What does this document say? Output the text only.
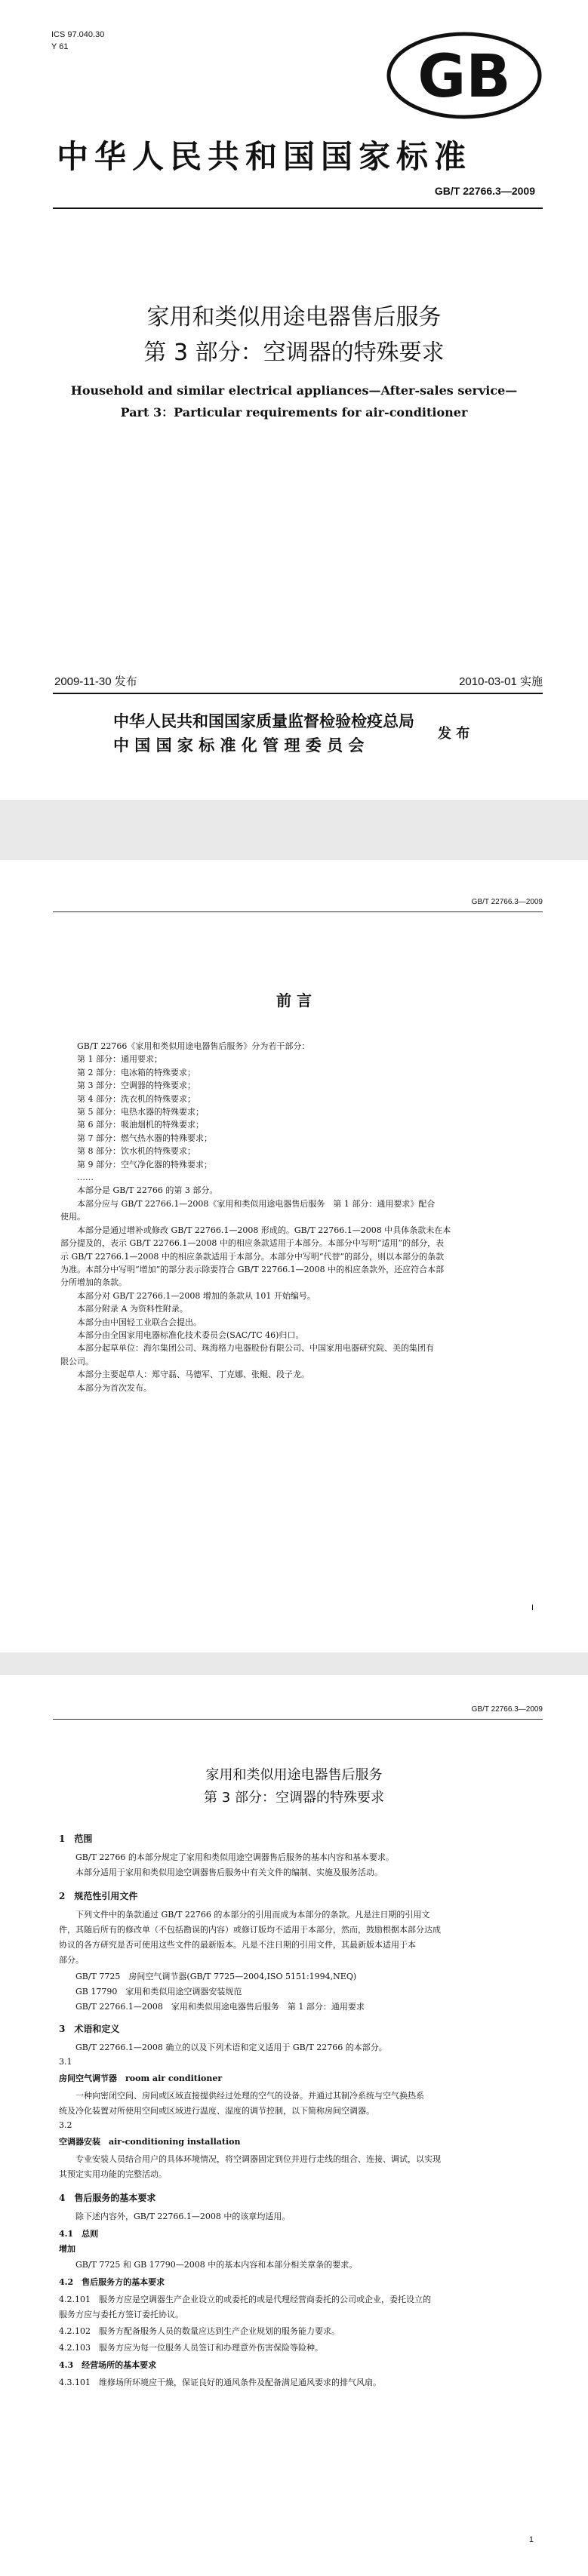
ICS 97.040.30
Y 61	GB
中华人民共和国国家标准
GB/T 22766.3—2009
家用和类似用途电器售后服务
第 3 部分：空调器的特殊要求
Household and similar electrical appliances—After-sales service—
Part 3：Particular requirements for air-conditioner
2009-11-30 发布	2010-03-01 实施
中华人民共和国国家质量监督检验检疫总局
中 国 国 家 标 准 化 管 理 委 员 会
发 布
GB/T 22766.3—2009
前 言

GB/T 22766《家用和类似用途电器售后服务》分为若干部分：

第 1 部分：通用要求；

第 2 部分：电冰箱的特殊要求；

第 3 部分：空调器的特殊要求；

第 4 部分：洗衣机的特殊要求；

第 5 部分：电热水器的特殊要求；

第 6 部分：吸油烟机的特殊要求；

第 7 部分：燃气热水器的特殊要求；

第 8 部分：饮水机的特殊要求；

第 9 部分：空气净化器的特殊要求；

……

本部分是 GB/T 22766 的第 3 部分。

本部分应与 GB/T 22766.1—2008《家用和类似用途电器售后服务　第 1 部分：通用要求》配合

使用。

本部分是通过增补或修改 GB/T 22766.1—2008 形成的。GB/T 22766.1—2008 中具体条款未在本

部分提及的，表示 GB/T 22766.1—2008 中的相应条款适用于本部分。本部分中写明“适用”的部分，表

示 GB/T 22766.1—2008 中的相应条款适用于本部分。本部分中写明“代替”的部分，则以本部分的条款

为准。本部分中写明“增加”的部分表示除要符合 GB/T 22766.1—2008 中的相应条款外，还应符合本部

分所增加的条款。

本部分对 GB/T 22766.1—2008 增加的条款从 101 开始编号。

本部分附录 A 为资料性附录。

本部分由中国轻工业联合会提出。

本部分由全国家用电器标准化技术委员会(SAC/TC 46)归口。

本部分起草单位：海尔集团公司、珠海格力电器股份有限公司、中国家用电器研究院、美的集团有

限公司。

本部分主要起草人：郑守磊、马德军、丁克娜、张鲲、段子龙。

本部分为首次发布。

I
GB/T 22766.3—2009
家用和类似用途电器售后服务
第 3 部分：空调器的特殊要求
1　范围
GB/T 22766 的本部分规定了家用和类似用途空调器售后服务的基本内容和基本要求。
本部分适用于家用和类似用途空调器售后服务中有关文件的编制、实施及服务活动。
2　规范性引用文件
下列文件中的条款通过 GB/T 22766 的本部分的引用而成为本部分的条款。凡是注日期的引用文
件，其随后所有的修改单（不包括勘误的内容）或修订版均不适用于本部分，然而，鼓励根据本部分达成
协议的各方研究是否可使用这些文件的最新版本。凡是不注日期的引用文件，其最新版本适用于本
部分。
GB/T 7725　房间空气调节器(GB/T 7725—2004,ISO 5151:1994,NEQ)
GB 17790　家用和类似用途空调器安装规范
GB/T 22766.1—2008　家用和类似用途电器售后服务　第 1 部分：通用要求
3　术语和定义
GB/T 22766.1—2008 确立的以及下列术语和定义适用于 GB/T 22766 的本部分。
3.1
房间空气调节器　room air conditioner
一种向密闭空间、房间或区域直接提供经过处理的空气的设备。并通过其制冷系统与空气换热系
统及冷化装置对所使用空间或区域进行温度、湿度的调节控制，以下简称房间空调器。
3.2
空调器安装　air-conditioning installation
专业安装人员结合用户的具体环境情况，将空调器固定到位并进行走线的组合、连接、调试，以实现
其预定实用功能的完整活动。
4　售后服务的基本要求
除下述内容外，GB/T 22766.1—2008 中的该章均适用。
4.1　总则
增加
GB/T 7725 和 GB 17790—2008 中的基本内容和本部分相关章条的要求。
4.2　售后服务方的基本要求
4.2.101　服务方应是空调器生产企业设立的或委托的或是代理经营商委托的公司或企业，委托设立的
服务方应与委托方签订委托协议。
4.2.102　服务方配备服务人员的数量应达到生产企业规划的服务能力要求。
4.2.103　服务方应为每一位服务人员签订和办理意外伤害保险等险种。
4.3　经营场所的基本要求
4.3.101　维修场所环境应干燥，保证良好的通风条件及配备满足通风要求的排气风扇。
1
